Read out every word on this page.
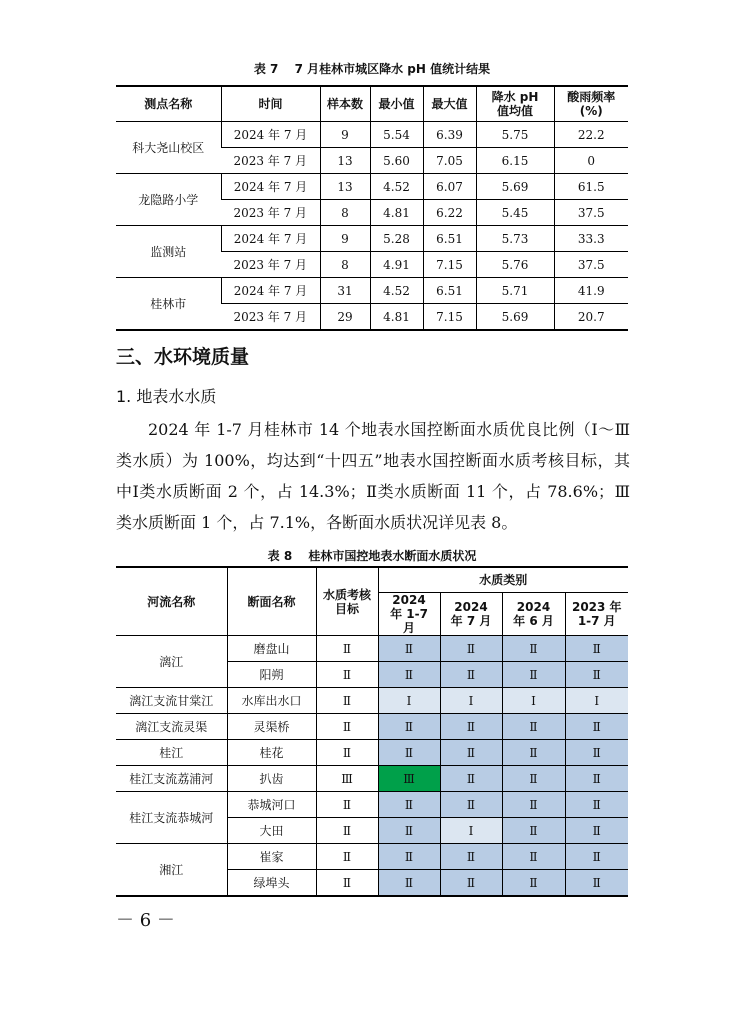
表 7　 7 月桂林市城区降水 pH 值统计结果
测点名称	时间	样本数	最小值	最大值	降水 pH 值均值	酸雨频率(%)
科大尧山校区	2024 年 7 月	9	5.54	6.39	5.75	22.2
	2023 年 7 月	13	5.60	7.05	6.15	0
龙隐路小学	2024 年 7 月	13	4.52	6.07	5.69	61.5
	2023 年 7 月	8	4.81	6.22	5.45	37.5
监测站	2024 年 7 月	9	5.28	6.51	5.73	33.3
	2023 年 7 月	8	4.91	7.15	5.76	37.5
桂林市	2024 年 7 月	31	4.52	6.51	5.71	41.9
	2023 年 7 月	29	4.81	7.15	5.69	20.7
三、水环境质量
1. 地表水水质
2024 年 1-7 月桂林市 14 个地表水国控断面水质优良比例（Ⅰ～Ⅲ类水质）为 100%，均达到“十四五”地表水国控断面水质考核目标，其中Ⅰ类水质断面 2 个，占 14.3%；Ⅱ类水质断面 11 个，占 78.6%；Ⅲ类水质断面 1 个，占 7.1%，各断面水质状况详见表 8。
表 8　 桂林市国控地表水断面水质状况
河流名称	断面名称	水质考核目标	水质类别			
			2024 年 1-7 月	2024 年 7 月	2024 年 6 月	2023 年 1-7 月
漓江	磨盘山	Ⅱ	Ⅱ	Ⅱ	Ⅱ	Ⅱ
	阳朔	Ⅱ	Ⅱ	Ⅱ	Ⅱ	Ⅱ
漓江支流甘棠江	水库出水口	Ⅱ	Ⅰ	Ⅰ	Ⅰ	Ⅰ
漓江支流灵渠	灵渠桥	Ⅱ	Ⅱ	Ⅱ	Ⅱ	Ⅱ
桂江	桂花	Ⅱ	Ⅱ	Ⅱ	Ⅱ	Ⅱ
桂江支流荔浦河	扒齿	Ⅲ	Ⅲ	Ⅱ	Ⅱ	Ⅱ
桂江支流恭城河	恭城河口	Ⅱ	Ⅱ	Ⅱ	Ⅱ	Ⅱ
	大田	Ⅱ	Ⅱ	Ⅰ	Ⅱ	Ⅱ
湘江	崔家	Ⅱ	Ⅱ	Ⅱ	Ⅱ	Ⅱ
	绿埠头	Ⅱ	Ⅱ	Ⅱ	Ⅱ	Ⅱ
－ 6 －
